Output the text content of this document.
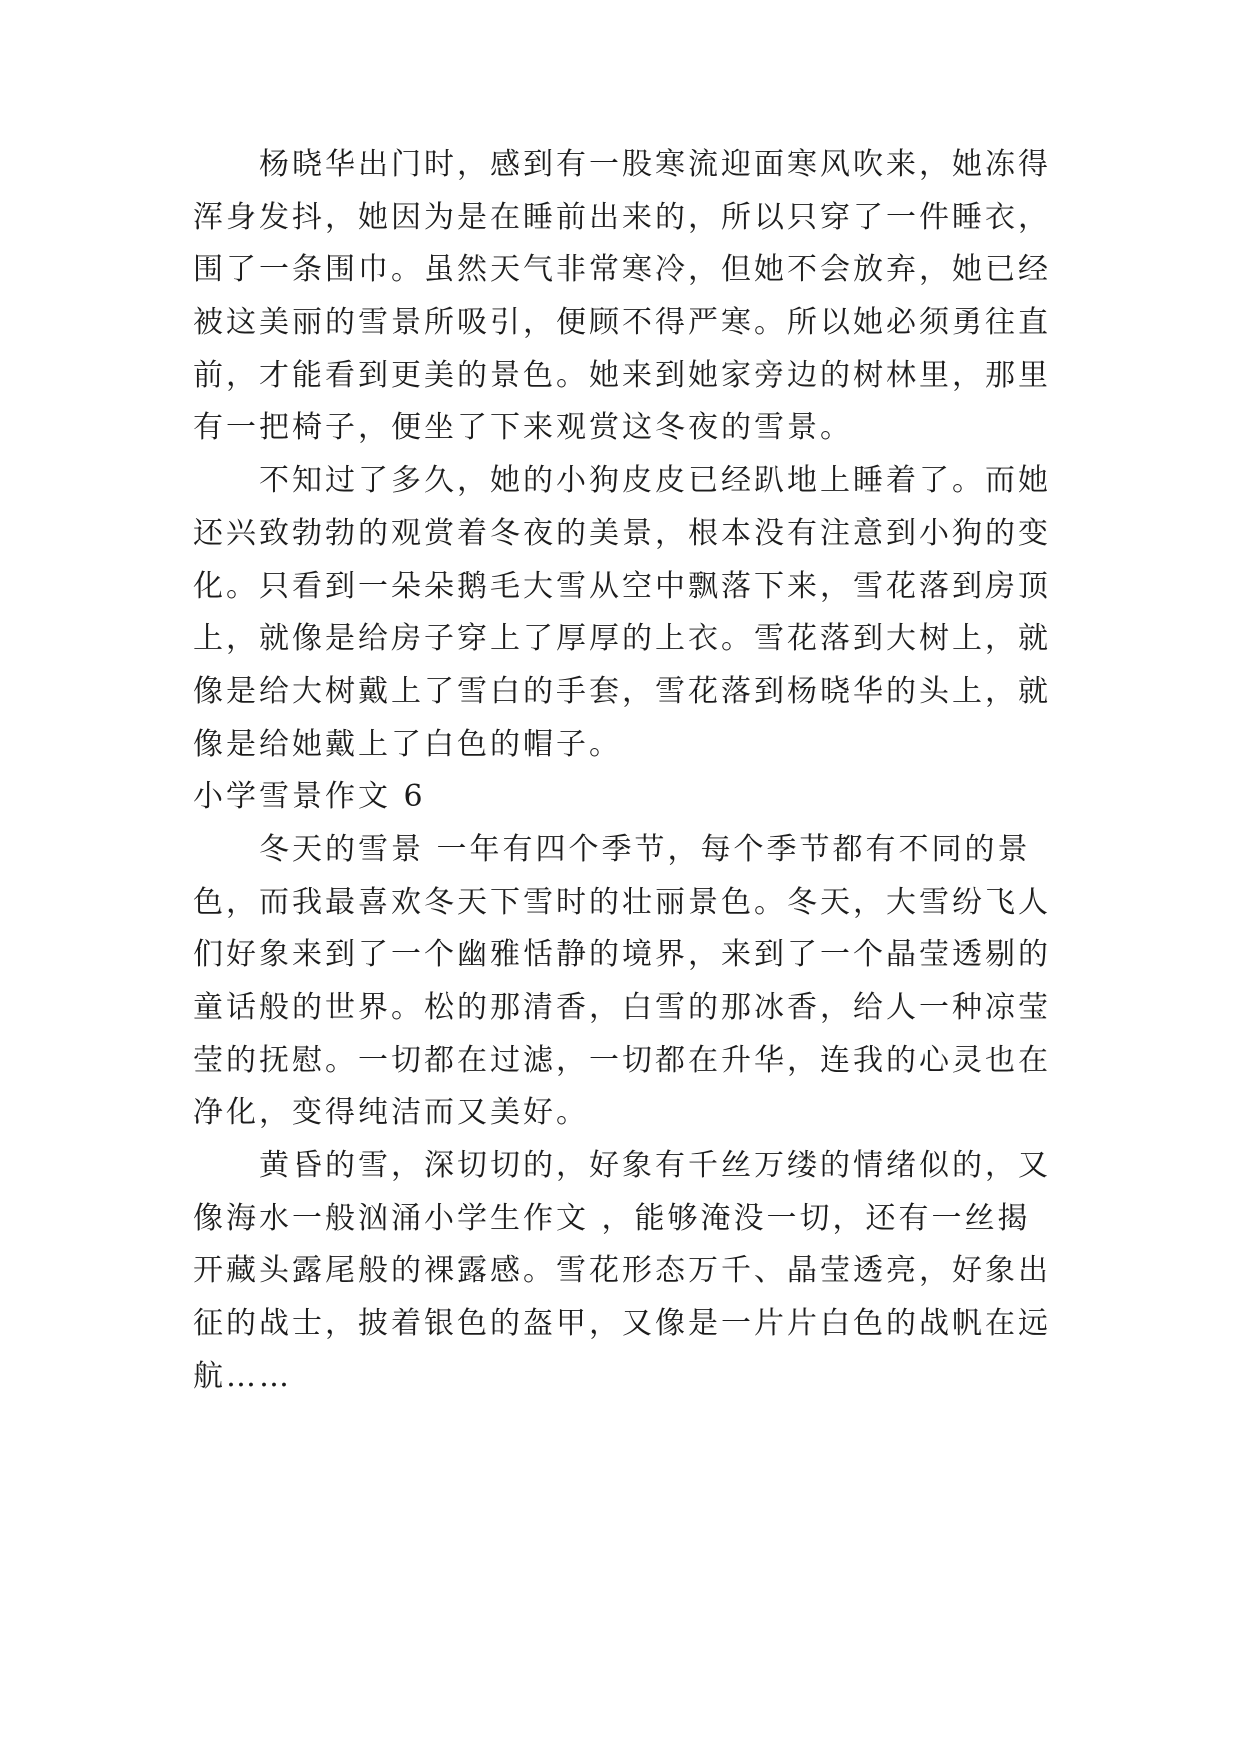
杨晓华出门时，感到有一股寒流迎面寒风吹来，她冻得
浑身发抖，她因为是在睡前出来的，所以只穿了一件睡衣，
围了一条围巾。虽然天气非常寒冷，但她不会放弃，她已经
被这美丽的雪景所吸引，便顾不得严寒。所以她必须勇往直
前，才能看到更美的景色。她来到她家旁边的树林里，那里
有一把椅子，便坐了下来观赏这冬夜的雪景。
不知过了多久，她的小狗皮皮已经趴地上睡着了。而她
还兴致勃勃的观赏着冬夜的美景，根本没有注意到小狗的变
化。只看到一朵朵鹅毛大雪从空中飘落下来，雪花落到房顶
上，就像是给房子穿上了厚厚的上衣。雪花落到大树上，就
像是给大树戴上了雪白的手套，雪花落到杨晓华的头上，就
像是给她戴上了白色的帽子。
小学雪景作文 6
冬天的雪景 一年有四个季节，每个季节都有不同的景
色，而我最喜欢冬天下雪时的壮丽景色。冬天，大雪纷飞人
们好象来到了一个幽雅恬静的境界，来到了一个晶莹透剔的
童话般的世界。松的那清香，白雪的那冰香，给人一种凉莹
莹的抚慰。一切都在过滤，一切都在升华，连我的心灵也在
净化，变得纯洁而又美好。
黄昏的雪，深切切的，好象有千丝万缕的情绪似的，又
像海水一般汹涌小学生作文 ，能够淹没一切，还有一丝揭
开藏头露尾般的裸露感。雪花形态万千、晶莹透亮，好象出
征的战士，披着银色的盔甲，又像是一片片白色的战帆在远
航……
